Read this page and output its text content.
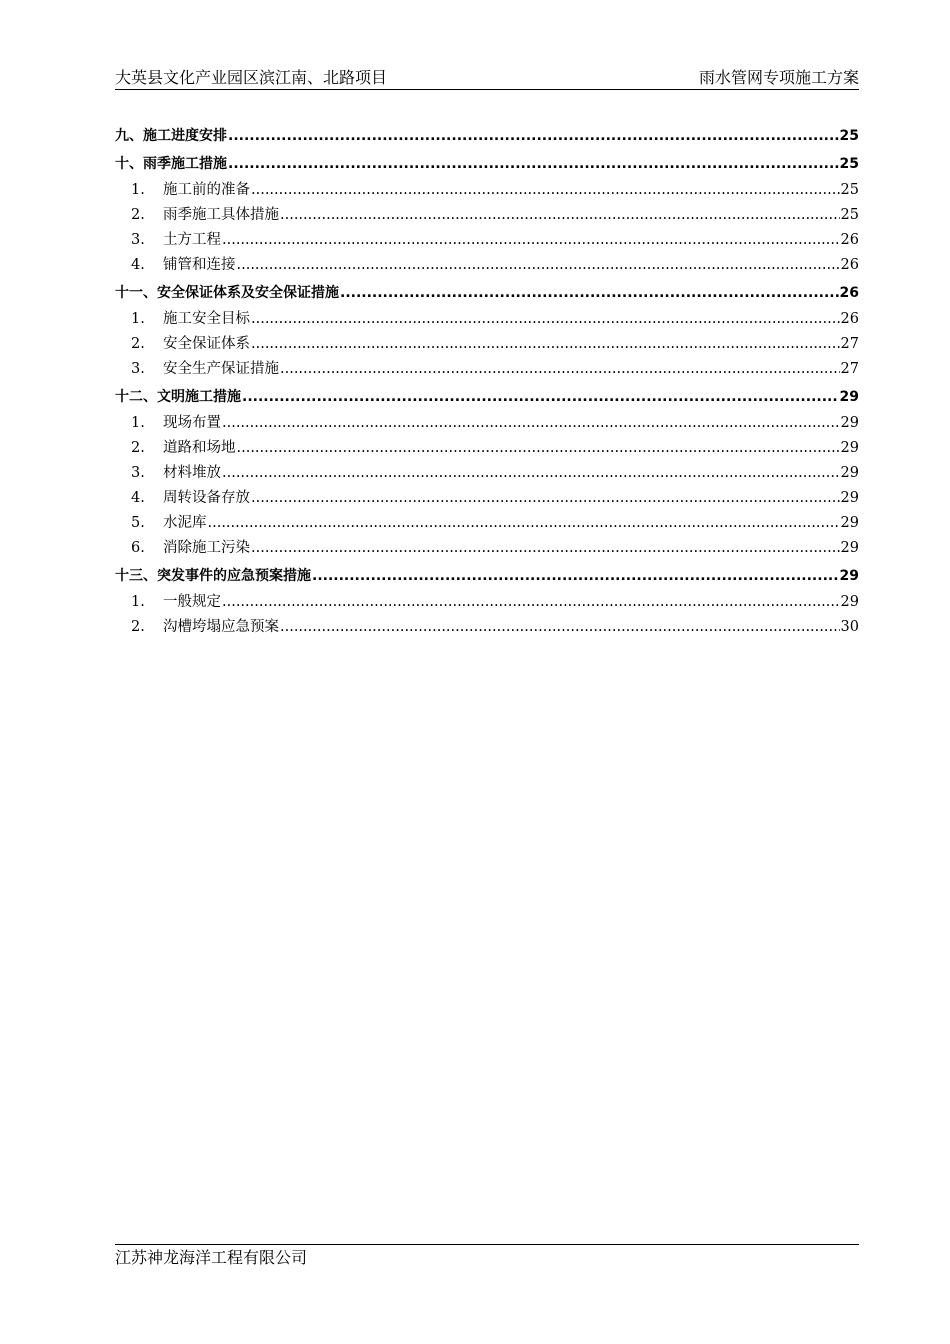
大英县文化产业园区滨江南、北路项目	雨水管网专项施工方案
九、 施工进度安排 .....	25
十、 雨季施工措施 .....	25
1.	施工前的准备 .....	25
2.	雨季施工具体措施 .....	25
3.	土方工程 .....	26
4.	铺管和连接 .....	26
十一、 安全保证体系及安全保证措施 .....	26
1.	施工安全目标 .....	26
2.	安全保证体系 .....	27
3.	安全生产保证措施 .....	27
十二、 文明施工措施 .....	29
1.	现场布置 .....	29
2.	道路和场地 .....	29
3.	材料堆放 .....	29
4.	周转设备存放 .....	29
5.	水泥库 .....	29
6.	消除施工污染 .....	29
十三、 突发事件的应急预案措施 .....	29
1.	一般规定 .....	29
2.	沟槽垮塌应急预案 .....	30
江苏神龙海洋工程有限公司
